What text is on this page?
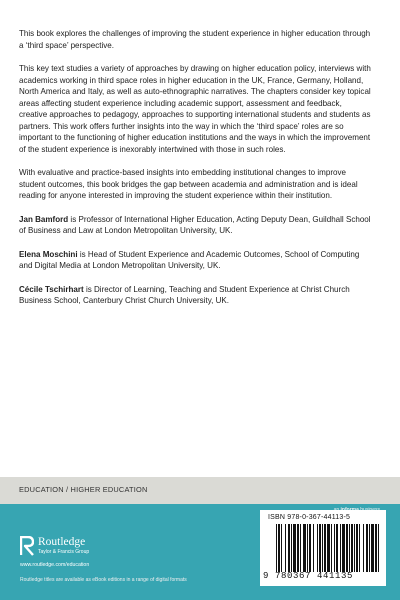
This book explores the challenges of improving the student experience in higher education through a ‘third space’ perspective.

This key text studies a variety of approaches by drawing on higher education policy, interviews with academics working in third space roles in higher education in the UK, France, Germany, Holland, North America and Italy, as well as auto-ethnographic narratives. The chapters consider key topical areas affecting student experience including academic support, assessment and feedback, creative approaches to pedagogy, approaches to supporting international students and students as partners. This work offers further insights into the way in which the ‘third space’ roles are so important to the functioning of higher education institutions and the ways in which the improvement of the student experience is inexorably intertwined with those in such roles.

With evaluative and practice-based insights into embedding institutional changes to improve student outcomes, this book bridges the gap between academia and administration and is ideal reading for anyone interested in improving the student experience within their institution.

Jan Bamford is Professor of International Higher Education, Acting Deputy Dean, Guildhall School of Business and Law at London Metropolitan University, UK.

Elena Moschini is Head of Student Experience and Academic Outcomes, School of Computing and Digital Media at London Metropolitan University, UK.

Cécile Tschirhart is Director of Learning, Teaching and Student Experience at Christ Church Business School, Canterbury Christ Church University, UK.

EDUCATION / HIGHER EDUCATION
Routledge
Taylor & Francis Group
www.routledge.com/education
Routledge titles are available as eBook editions in a range of digital formats
ISBN 978-0-367-44113-5
9 780367 441135
